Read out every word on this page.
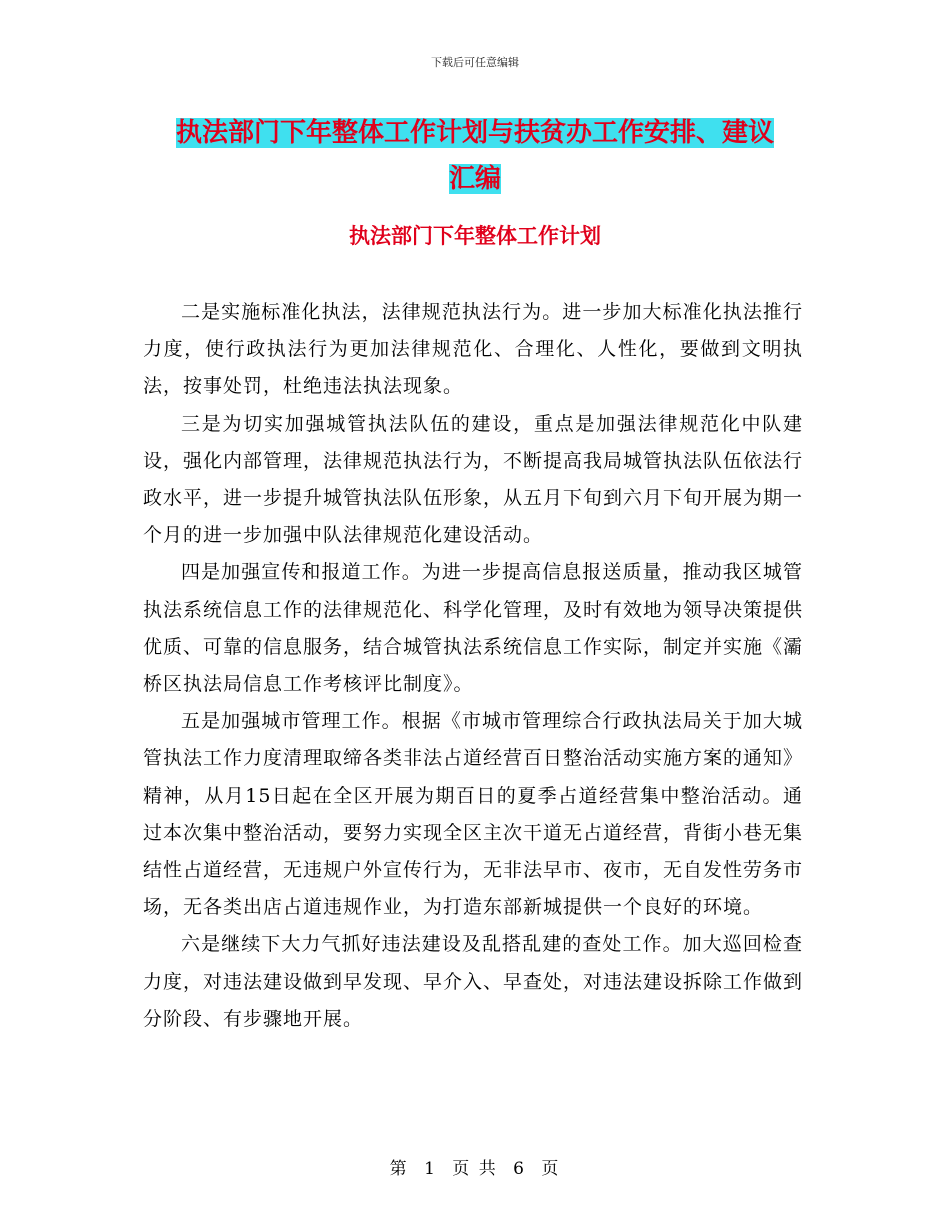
下载后可任意编辑
执法部门下年整体工作计划与扶贫办工作安排、建议
汇编
执法部门下年整体工作计划

二是实施标准化执法，法律规范执法行为。进一步加大标准化执法推行力度，使行政执法行为更加法律规范化、合理化、人性化，要做到文明执法，按事处罚，杜绝违法执法现象。

三是为切实加强城管执法队伍的建设，重点是加强法律规范化中队建设，强化内部管理，法律规范执法行为，不断提高我局城管执法队伍依法行政水平，进一步提升城管执法队伍形象，从五月下旬到六月下旬开展为期一个月的进一步加强中队法律规范化建设活动。

四是加强宣传和报道工作。为进一步提高信息报送质量，推动我区城管执法系统信息工作的法律规范化、科学化管理，及时有效地为领导决策提供优质、可靠的信息服务，结合城管执法系统信息工作实际，制定并实施《灞桥区执法局信息工作考核评比制度》。

五是加强城市管理工作。根据《市城市管理综合行政执法局关于加大城管执法工作力度清理取缔各类非法占道经营百日整治活动实施方案的通知》精神，从月15日起在全区开展为期百日的夏季占道经营集中整治活动。通过本次集中整治活动，要努力实现全区主次干道无占道经营，背街小巷无集结性占道经营，无违规户外宣传行为，无非法早市、夜市，无自发性劳务市场，无各类出店占道违规作业，为打造东部新城提供一个良好的环境。

六是继续下大力气抓好违法建设及乱搭乱建的查处工作。加大巡回检查力度，对违法建设做到早发现、早介入、早查处，对违法建设拆除工作做到分阶段、有步骤地开展。

第 1 页 共 6 页
